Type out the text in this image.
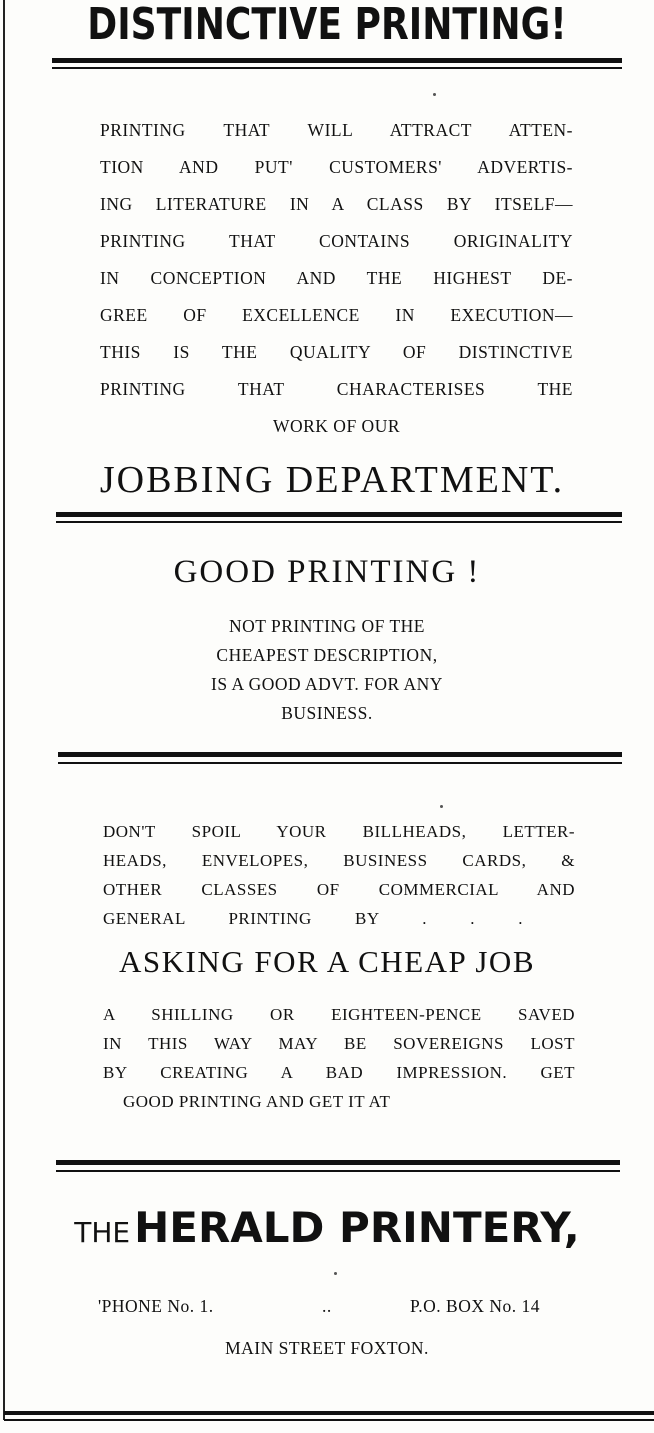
DISTINCTIVE PRINTING!
PRINTING THAT WILL ATTRACT ATTEN-
TION AND PUT' CUSTOMERS' ADVERTIS-
ING LITERATURE IN A CLASS BY ITSELF—
PRINTING THAT CONTAINS ORIGINALITY
IN CONCEPTION AND THE HIGHEST DE-
GREE OF EXCELLENCE IN EXECUTION—
THIS IS THE QUALITY OF DISTINCTIVE
PRINTING THAT CHARACTERISES THE
WORK OF OUR
JOBBING DEPARTMENT.
GOOD PRINTING !
NOT PRINTING OF THE
CHEAPEST DESCRIPTION,
IS A GOOD ADVT. FOR ANY
BUSINESS.
DON'T SPOIL YOUR BILLHEADS, LETTER-
HEADS, ENVELOPES, BUSINESS CARDS, &
OTHER CLASSES OF COMMERCIAL AND
GENERAL PRINTING BY . . .
ASKING FOR A CHEAP JOB
A SHILLING OR EIGHTEEN-PENCE SAVED
IN THIS WAY MAY BE SOVEREIGNS LOST
BY CREATING A BAD IMPRESSION. GET
GOOD PRINTING AND GET IT AT
THE HERALD PRINTERY,
'PHONE No. 1.	..	P.O. BOX No. 14
MAIN STREET FOXTON.
